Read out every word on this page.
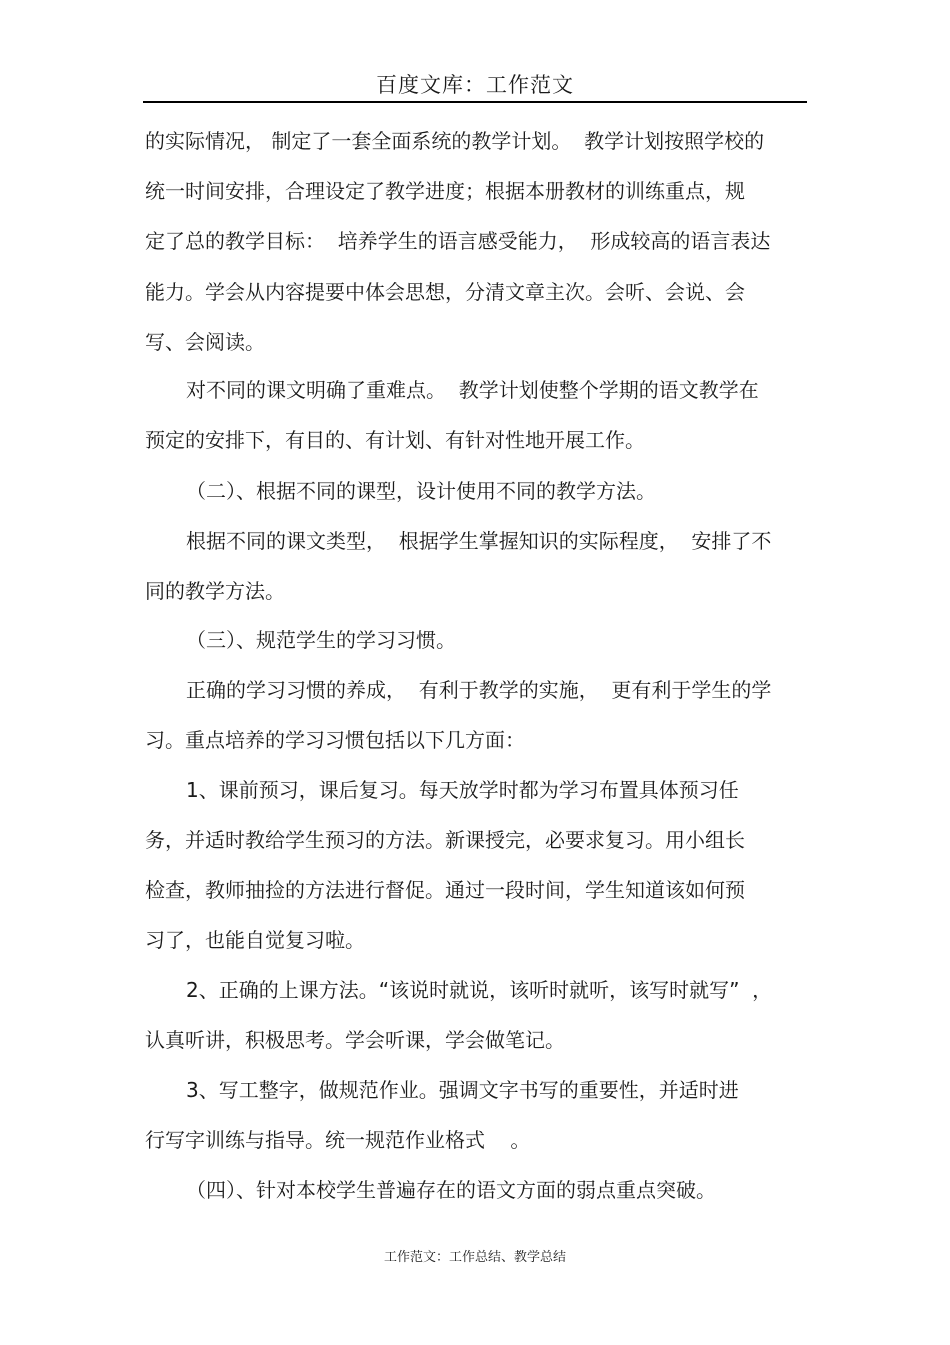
百度文库：工作范文
的实际情况， 制定了一套全面系统的教学计划。  教学计划按照学校的
统一时间安排，合理设定了教学进度；根据本册教材的训练重点，规
定了总的教学目标：  培养学生的语言感受能力，  形成较高的语言表达
能力。学会从内容提要中体会思想，分清文章主次。会听、会说、会
写、会阅读。
对不同的课文明确了重难点。  教学计划使整个学期的语文教学在
预定的安排下，有目的、有计划、有针对性地开展工作。
（二）、根据不同的课型，设计使用不同的教学方法。
根据不同的课文类型，  根据学生掌握知识的实际程度，  安排了不
同的教学方法。
（三）、规范学生的学习习惯。
正确的学习习惯的养成，  有利于教学的实施，  更有利于学生的学
习。重点培养的学习习惯包括以下几方面：
1、课前预习，课后复习。每天放学时都为学习布置具体预习任
务，并适时教给学生预习的方法。新课授完，必要求复习。用小组长
检查，教师抽捡的方法进行督促。通过一段时间，学生知道该如何预
习了，也能自觉复习啦。
2、正确的上课方法。“该说时就说，该听时就听，该写时就写”  ，
认真听讲，积极思考。学会听课，学会做笔记。
3、写工整字，做规范作业。强调文字书写的重要性，并适时进
行写字训练与指导。统一规范作业格式    。
（四）、针对本校学生普遍存在的语文方面的弱点重点突破。
工作范文：工作总结、教学总结
